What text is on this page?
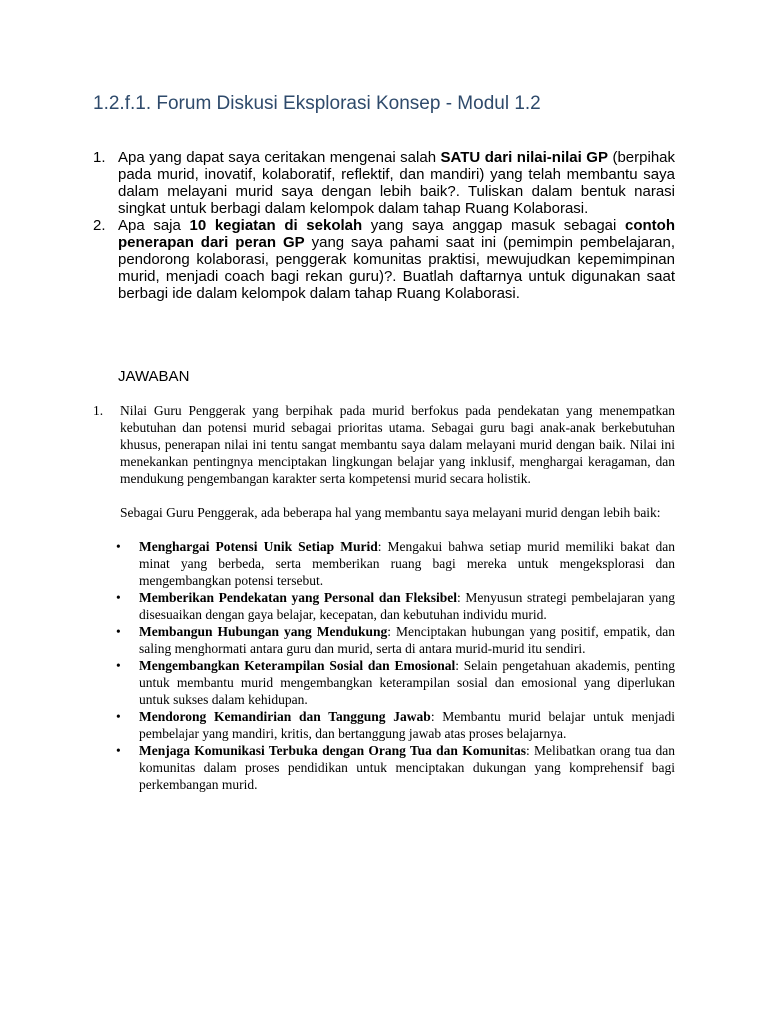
1.2.f.1. Forum Diskusi Eksplorasi Konsep - Modul 1.2
1. Apa yang dapat saya ceritakan mengenai salah SATU dari nilai-nilai GP (berpihak pada murid, inovatif, kolaboratif, reflektif, dan mandiri) yang telah membantu saya dalam melayani murid saya dengan lebih baik?. Tuliskan dalam bentuk narasi singkat untuk berbagi dalam kelompok dalam tahap Ruang Kolaborasi.
2. Apa saja 10 kegiatan di sekolah yang saya anggap masuk sebagai contoh penerapan dari peran GP yang saya pahami saat ini (pemimpin pembelajaran, pendorong kolaborasi, penggerak komunitas praktisi, mewujudkan kepemimpinan murid, menjadi coach bagi rekan guru)?. Buatlah daftarnya untuk digunakan saat berbagi ide dalam kelompok dalam tahap Ruang Kolaborasi.
JAWABAN
1. Nilai Guru Penggerak yang berpihak pada murid berfokus pada pendekatan yang menempatkan kebutuhan dan potensi murid sebagai prioritas utama. Sebagai guru bagi anak-anak berkebutuhan khusus, penerapan nilai ini tentu sangat membantu saya dalam melayani murid dengan baik. Nilai ini menekankan pentingnya menciptakan lingkungan belajar yang inklusif, menghargai keragaman, dan mendukung pengembangan karakter serta kompetensi murid secara holistik.

Sebagai Guru Penggerak, ada beberapa hal yang membantu saya melayani murid dengan lebih baik:

• Menghargai Potensi Unik Setiap Murid: Mengakui bahwa setiap murid memiliki bakat dan minat yang berbeda, serta memberikan ruang bagi mereka untuk mengeksplorasi dan mengembangkan potensi tersebut.
• Memberikan Pendekatan yang Personal dan Fleksibel: Menyusun strategi pembelajaran yang disesuaikan dengan gaya belajar, kecepatan, dan kebutuhan individu murid.
• Membangun Hubungan yang Mendukung: Menciptakan hubungan yang positif, empatik, dan saling menghormati antara guru dan murid, serta di antara murid-murid itu sendiri.
• Mengembangkan Keterampilan Sosial dan Emosional: Selain pengetahuan akademis, penting untuk membantu murid mengembangkan keterampilan sosial dan emosional yang diperlukan untuk sukses dalam kehidupan.
• Mendorong Kemandirian dan Tanggung Jawab: Membantu murid belajar untuk menjadi pembelajar yang mandiri, kritis, dan bertanggung jawab atas proses belajarnya.
• Menjaga Komunikasi Terbuka dengan Orang Tua dan Komunitas: Melibatkan orang tua dan komunitas dalam proses pendidikan untuk menciptakan dukungan yang komprehensif bagi perkembangan murid.
